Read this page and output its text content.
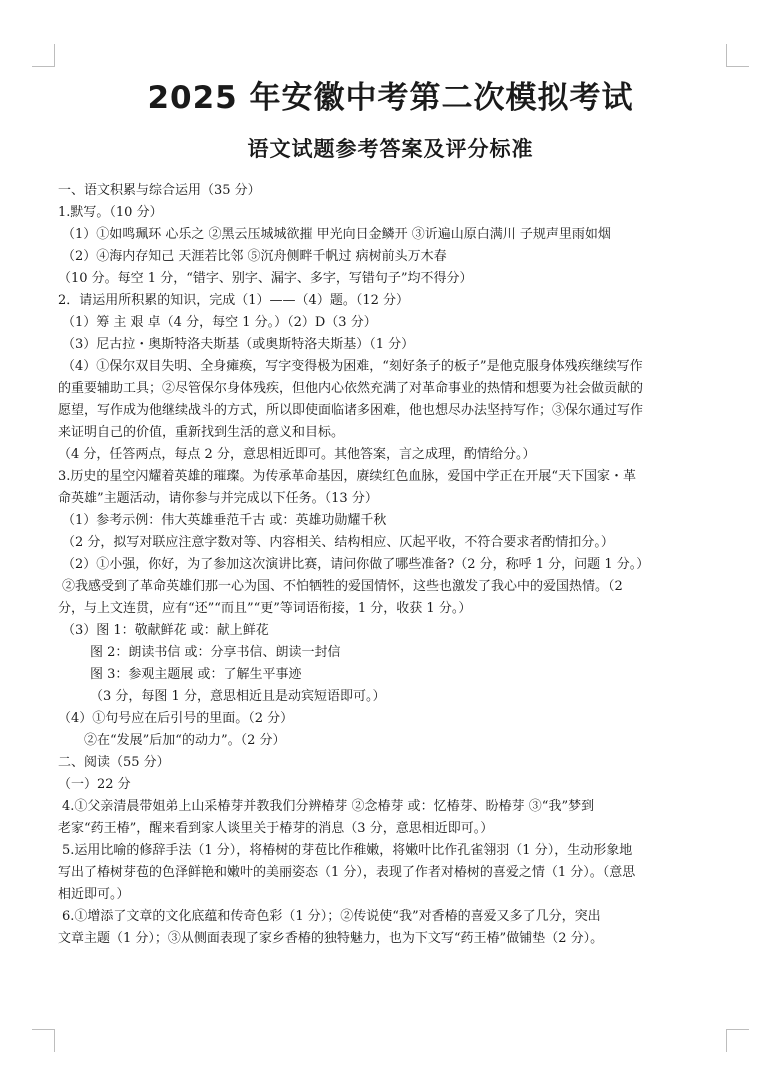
2025 年安徽中考第二次模拟考试
语文试题参考答案及评分标准
一、语文积累与综合运用（35 分）
1.默写。（10 分）
（1）①如鸣珮环 心乐之 ②黑云压城城欲摧 甲光向日金鳞开 ③䜣遍山原白满川 子规声里雨如烟
（2）④海内存知己 天涯若比邻 ⑤沉舟侧畔千帆过 病树前头万木春
（10 分。每空 1 分，“错字、别字、漏字、多字，写错句子”均不得分）
2．请运用所积累的知识，完成（1）——（4）题。（12 分）
（1）筹 主 艰 卓（4 分，每空 1 分。）（2）D（3 分）
（3）尼古拉・奥斯特洛夫斯基（或奥斯特洛夫斯基）（1 分）
（4）①保尔双目失明、全身瘫痪，写字变得极为困难，“刻好条子的板子”是他克服身体残疾继续写作
的重要辅助工具；②尽管保尔身体残疾，但他内心依然充满了对革命事业的热情和想要为社会做贡献的
愿望，写作成为他继续战斗的方式，所以即使面临诸多困难，他也想尽办法坚持写作；③保尔通过写作
来证明自己的价值，重新找到生活的意义和目标。
（4 分，任答两点，每点 2 分，意思相近即可。其他答案，言之成理，酌情给分。）
3.历史的星空闪耀着英雄的璀璨。为传承革命基因，赓续红色血脉，爱国中学正在开展“天下国家・革
命英雄”主题活动，请你参与并完成以下任务。（13 分）
（1）参考示例：伟大英雄垂范千古 或：英雄功勋耀千秋
（2 分，拟写对联应注意字数对等、内容相关、结构相应、仄起平收，不符合要求者酌情扣分。）
（2）①小强，你好，为了参加这次演讲比赛，请问你做了哪些准备?（2 分，称呼 1 分，问题 1 分。）
②我感受到了革命英雄们那一心为国、不怕牺牲的爱国情怀，这些也激发了我心中的爱国热情。（2
分，与上文连贯，应有“还”“而且”“更”等词语衔接，1 分，收获 1 分。）
（3）图 1：敬献鲜花 或：献上鲜花
图 2：朗读书信 或：分享书信、朗读一封信
图 3：参观主题展 或：了解生平事迹
（3 分，每图 1 分，意思相近且是动宾短语即可。）
（4）①句号应在后引号的里面。（2 分）
②在“发展”后加“的动力”。（2 分）
二、阅读（55 分）
（一）22 分
4.①父亲清晨带姐弟上山采椿芽并教我们分辨椿芽 ②念椿芽 或：忆椿芽、盼椿芽 ③“我”梦到
老家“药王椿”，醒来看到家人谈里关于椿芽的消息（3 分，意思相近即可。）
5.运用比喻的修辞手法（1 分），将椿树的芽苞比作稚嫩，将嫩叶比作孔雀翎羽（1 分），生动形象地
写出了椿树芽苞的色泽鲜艳和嫩叶的美丽姿态（1 分），表现了作者对椿树的喜爱之情（1 分）。（意思
相近即可。）
6.①增添了文章的文化底蕴和传奇色彩（1 分）；②传说使“我”对香椿的喜爱又多了几分，突出
文章主题（1 分）；③从侧面表现了家乡香椿的独特魅力，也为下文写“药王椿”做铺垫（2 分）。
